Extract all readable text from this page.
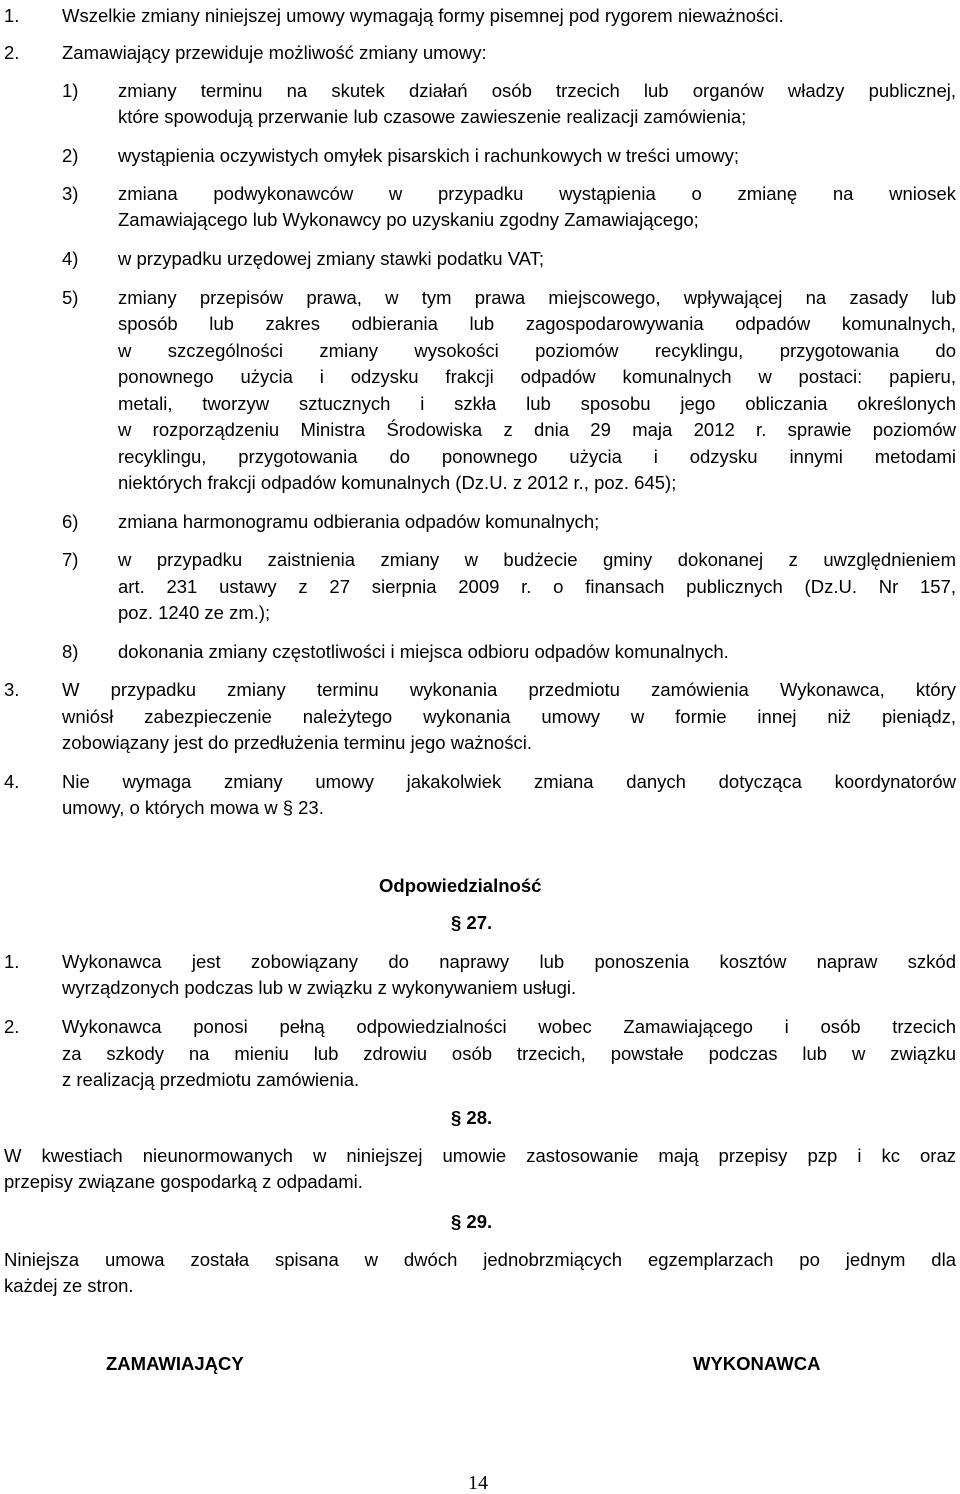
1. Wszelkie zmiany niniejszej umowy wymagają formy pisemnej pod rygorem nieważności.
2. Zamawiający przewiduje możliwość zmiany umowy:
1) zmiany terminu na skutek działań osób trzecich lub organów władzy publicznej,
które spowodują przerwanie lub czasowe zawieszenie realizacji zamówienia;
2) wystąpienia oczywistych omyłek pisarskich i rachunkowych w treści umowy;
3) zmiana podwykonawców w przypadku wystąpienia o zmianę na wniosek
Zamawiającego lub Wykonawcy po uzyskaniu zgodny Zamawiającego;
4) w przypadku urzędowej zmiany stawki podatku VAT;
5) zmiany przepisów prawa, w tym prawa miejscowego, wpływającej na zasady lub
sposób lub zakres odbierania lub zagospodarowywania odpadów komunalnych,
w szczególności zmiany wysokości poziomów recyklingu, przygotowania do
ponownego użycia i odzysku frakcji odpadów komunalnych w postaci: papieru,
metali, tworzyw sztucznych i szkła lub sposobu jego obliczania określonych
w rozporządzeniu Ministra Środowiska z dnia 29 maja 2012 r. sprawie poziomów
recyklingu, przygotowania do ponownego użycia i odzysku innymi metodami
niektórych frakcji odpadów komunalnych (Dz.U. z 2012 r., poz. 645);
6) zmiana harmonogramu odbierania odpadów komunalnych;
7) w przypadku zaistnienia zmiany w budżecie gminy dokonanej z uwzględnieniem
art. 231 ustawy z 27 sierpnia 2009 r. o finansach publicznych (Dz.U. Nr 157,
poz. 1240 ze zm.);
8) dokonania zmiany częstotliwości i miejsca odbioru odpadów komunalnych.
3. W przypadku zmiany terminu wykonania przedmiotu zamówienia Wykonawca, który
wniósł zabezpieczenie należytego wykonania umowy w formie innej niż pieniądz,
zobowiązany jest do przedłużenia terminu jego ważności.
4. Nie wymaga zmiany umowy jakakolwiek zmiana danych dotycząca koordynatorów
umowy, o których mowa w § 23.
Odpowiedzialność
§ 27.
1. Wykonawca jest zobowiązany do naprawy lub ponoszenia kosztów napraw szkód
wyrządzonych podczas lub w związku z wykonywaniem usługi.
2. Wykonawca ponosi pełną odpowiedzialności wobec Zamawiającego i osób trzecich
za szkody na mieniu lub zdrowiu osób trzecich, powstałe podczas lub w związku
z realizacją przedmiotu zamówienia.
§ 28.
W kwestiach nieunormowanych w niniejszej umowie zastosowanie mają przepisy pzp i kc oraz
przepisy związane gospodarką z odpadami.
§ 29.
Niniejsza umowa została spisana w dwóch jednobrzmiących egzemplarzach po jednym dla
każdej ze stron.
ZAMAWIAJĄCY	WYKONAWCA
14
